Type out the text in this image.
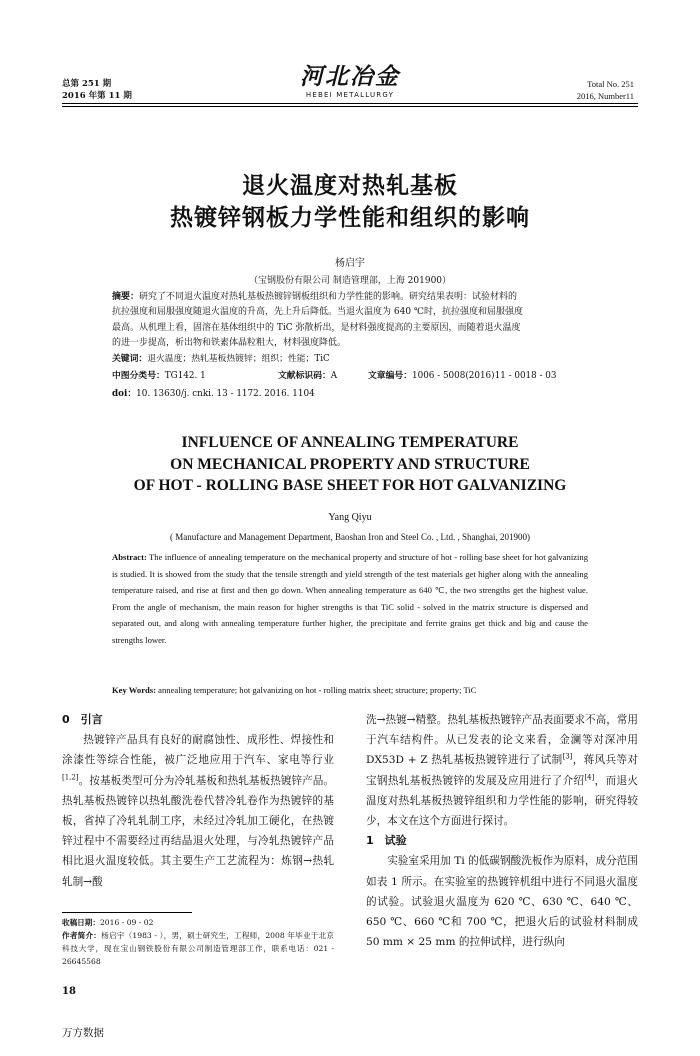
总第 251 期
2016 年第 11 期
河北冶金
HEBEI METALLURGY
Total No. 251
2016, Number11
退火温度对热轧基板
热镀锌钢板力学性能和组织的影响
杨启宇
（宝钢股份有限公司 制造管理部，上海 201900）
摘要：研究了不同退火温度对热轧基板热镀锌钢板组织和力学性能的影响。研究结果表明：试验材料的
抗拉强度和屈服强度随退火温度的升高，先上升后降低。当退火温度为 640 ℃时，抗拉强度和屈服强度
最高。从机理上看，固溶在基体组织中的 TiC 弥散析出，是材料强度提高的主要原因，而随着退火温度
的进一步提高，析出物和铁素体晶粒粗大，材料强度降低。
关键词：退火温度；热轧基板热镀锌；组织；性能；TiC
中图分类号：TG142. 1	文献标识码：A	文章编号：1006 - 5008(2016)11 - 0018 - 03
doi：10. 13630/j. cnki. 13 - 1172. 2016. 1104
INFLUENCE OF ANNEALING TEMPERATURE
ON MECHANICAL PROPERTY AND STRUCTURE
OF HOT - ROLLING BASE SHEET FOR HOT GALVANIZING
Yang Qiyu
( Manufacture and Management Department, Baoshan Iron and Steel Co. , Ltd. , Shanghai, 201900)
Abstract: The influence of annealing temperature on the mechanical property and structure of hot - rolling base sheet for hot galvanizing is studied. It is showed from the study that the tensile strength and yield strength of the test materials get higher along with the annealing temperature raised, and rise at first and then go down. When annealing temperature as 640 ℃, the two strengths get the highest value. From the angle of mechanism, the main reason for higher strengths is that TiC solid - solved in the matrix structure is dispersed and separated out, and along with annealing temperature further higher, the precipitate and ferrite grains get thick and big and cause the strengths lower.
Key Words: annealing temperature; hot galvanizing on hot - rolling matrix sheet; structure; property; TiC

0　引言

热镀锌产品具有良好的耐腐蚀性、成形性、焊接性和涂漆性等综合性能，被广泛地应用于汽车、家电等行业[1,2]。按基板类型可分为冷轧基板和热轧基板热镀锌产品。热轧基板热镀锌以热轧酸洗卷代替冷轧卷作为热镀锌的基板，省掉了冷轧轧制工序，未经过冷轧加工硬化，在热镀锌过程中不需要经过再结晶退火处理，与冷轧热镀锌产品相比退火温度较低。其主要生产工艺流程为：炼钢→热轧轧制→酸

收稿日期：2016 - 09 - 02
作者简介：杨启宇（1983 - ），男，硕士研究生，工程师，2008 年毕业于北京科技大学，现在宝山钢铁股份有限公司制造管理部工作，联系电话：021 - 26645568

洗→热镀→精整。热轧基板热镀锌产品表面要求不高，常用于汽车结构件。从已发表的论文来看，金澜等对深冲用 DX53D + Z 热轧基板热镀锌进行了试制[3]，蒋风兵等对宝钢热轧基板热镀锌的发展及应用进行了介绍[4]，而退火温度对热轧基板热镀锌组织和力学性能的影响，研究得较少，本文在这个方面进行探讨。

1　试验

实验室采用加 Ti 的低碳钢酸洗板作为原料，成分范围如表 1 所示。在实验室的热镀锌机组中进行不同退火温度的试验。试验退火温度为 620 ℃、630 ℃、640 ℃、650 ℃、660 ℃和 700 ℃，把退火后的试验材料制成 50 mm × 25 mm 的拉伸试样，进行纵向

18
万方数据
